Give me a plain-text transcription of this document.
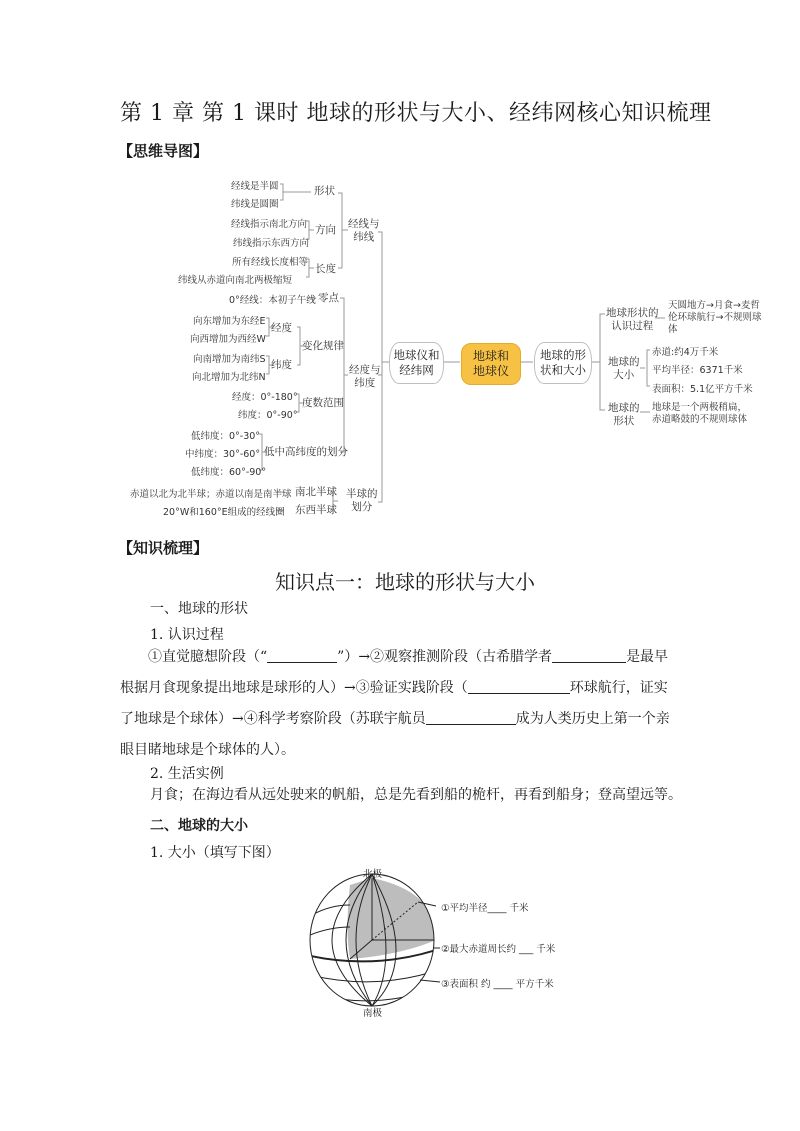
第 1 章 第 1 课时 地球的形状与大小、经纬网核心知识梳理
【思维导图】
经线是半圆
纬线是圆圈
形状
经线指示南北方向
纬线指示东西方向
方向
所有经线长度相等
纬线从赤道向南北两极缩短
长度
经线与
纬线
0°经线：本初子午线 零点
向东增加为东经E
向西增加为西经W
经度
向南增加为南纬S
向北增加为北纬N
纬度
变化规律
经度：0°-180°
纬度：0°-90°
度数范围
低纬度：0°-30°
中纬度：30°-60°
低纬度：60°-90°
低中高纬度的划分
经度与
纬度
赤道以北为北半球；赤道以南是南半球
20°W和160°E组成的经线圈
南北半球
东西半球
半球的
划分
地球仪和
经纬网
地球和
地球仪
地球的形
状和大小
地球形状的
认识过程
天圆地方→月食→麦哲
伦环球航行→不规则球
体
地球的
大小
赤道:约4万千米
平均半径：6371千米
表面积：5.1亿平方千米
地球的
形状
地球是一个两极稍扁，
赤道略鼓的不规则球体
【知识梳理】
知识点一：地球的形状与大小
一、地球的形状
1. 认识过程
①直觉臆想阶段（“	”）→②观察推测阶段（古希腊学者	是最早
根据月食现象提出地球是球形的人）→③验证实践阶段（	环球航行，证实
了地球是个球体）→④科学考察阶段（苏联宇航员	成为人类历史上第一个亲
眼目睹地球是个球体的人）。
2. 生活实例
月食；在海边看从远处驶来的帆船，总是先看到船的桅杆，再看到船身；登高望远等。
二、地球的大小
1. 大小（填写下图）
北极
南极
①平均半径____ 千米
②最大赤道周长约 ___ 千米
③表面积 约 ____ 平方千米
